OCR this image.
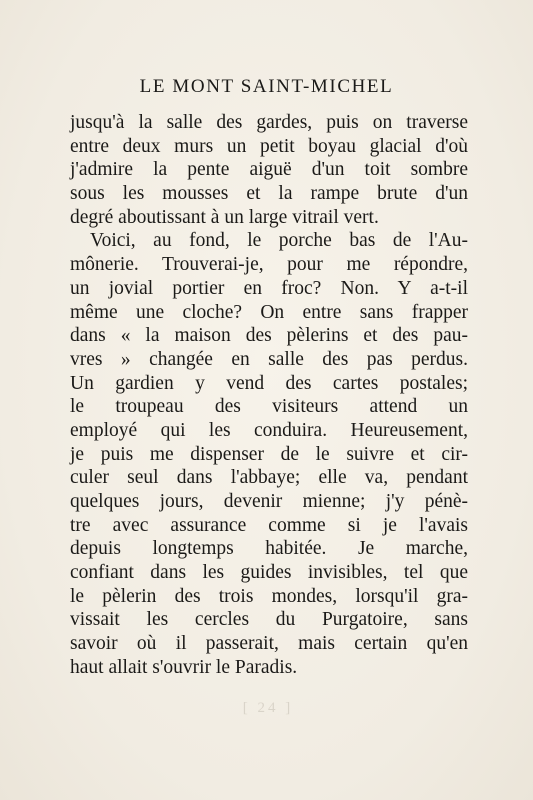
LE MONT SAINT-MICHEL
jusqu'à la salle des gardes, puis on traverse
entre deux murs un petit boyau glacial d'où
j'admire la pente aiguë d'un toit sombre
sous les mousses et la rampe brute d'un
degré aboutissant à un large vitrail vert.
Voici, au fond, le porche bas de l'Au-
mônerie. Trouverai-je, pour me répondre,
un jovial portier en froc? Non. Y a-t-il
même une cloche? On entre sans frapper
dans « la maison des pèlerins et des pau-
vres » changée en salle des pas perdus.
Un gardien y vend des cartes postales;
le troupeau des visiteurs attend un
employé qui les conduira. Heureusement,
je puis me dispenser de le suivre et cir-
culer seul dans l'abbaye; elle va, pendant
quelques jours, devenir mienne; j'y pénè-
tre avec assurance comme si je l'avais
depuis longtemps habitée. Je marche,
confiant dans les guides invisibles, tel que
le pèlerin des trois mondes, lorsqu'il gra-
vissait les cercles du Purgatoire, sans
savoir où il passerait, mais certain qu'en
haut allait s'ouvrir le Paradis.
[ 24 ]
